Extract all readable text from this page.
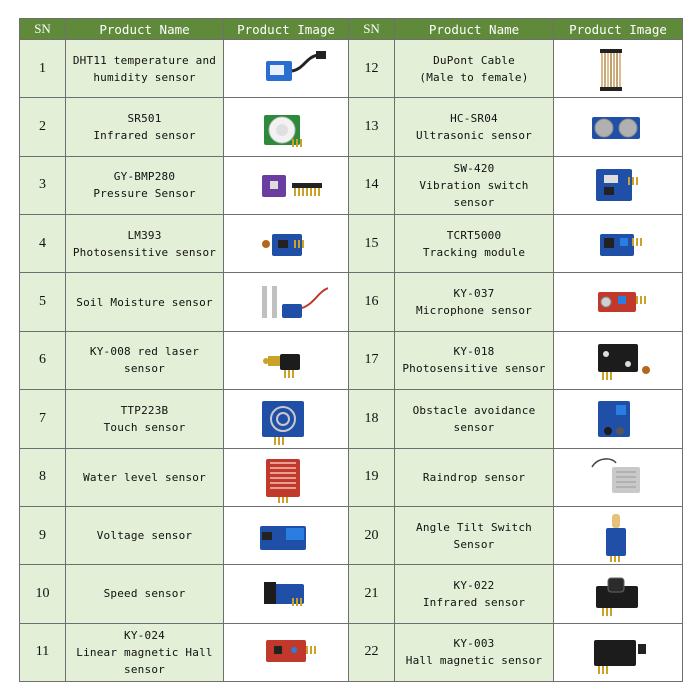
SN	Product Name	Product Image	SN	Product Name	Product Image
1	DHT11 temperature and
humidity sensor		12	DuPont Cable
(Male to female)

2	SR501
Infrared sensor		13	HC-SR04
Ultrasonic sensor

3	GY-BMP280
Pressure Sensor		14	SW-420
Vibration switch
sensor

4	LM393
Photosensitive sensor		15	TCRT5000
Tracking module

5	Soil Moisture sensor		16	KY-037
Microphone sensor

6	KY-008 red laser
sensor		17	KY-018
Photosensitive sensor

7	TTP223B
Touch sensor		18	Obstacle avoidance
sensor

8	Water level sensor		19	Raindrop sensor

9	Voltage sensor		20	Angle Tilt Switch
Sensor

10	Speed sensor		21	KY-022
Infrared sensor

11	KY-024
Linear magnetic Hall
sensor		22	KY-003
Hall magnetic sensor
